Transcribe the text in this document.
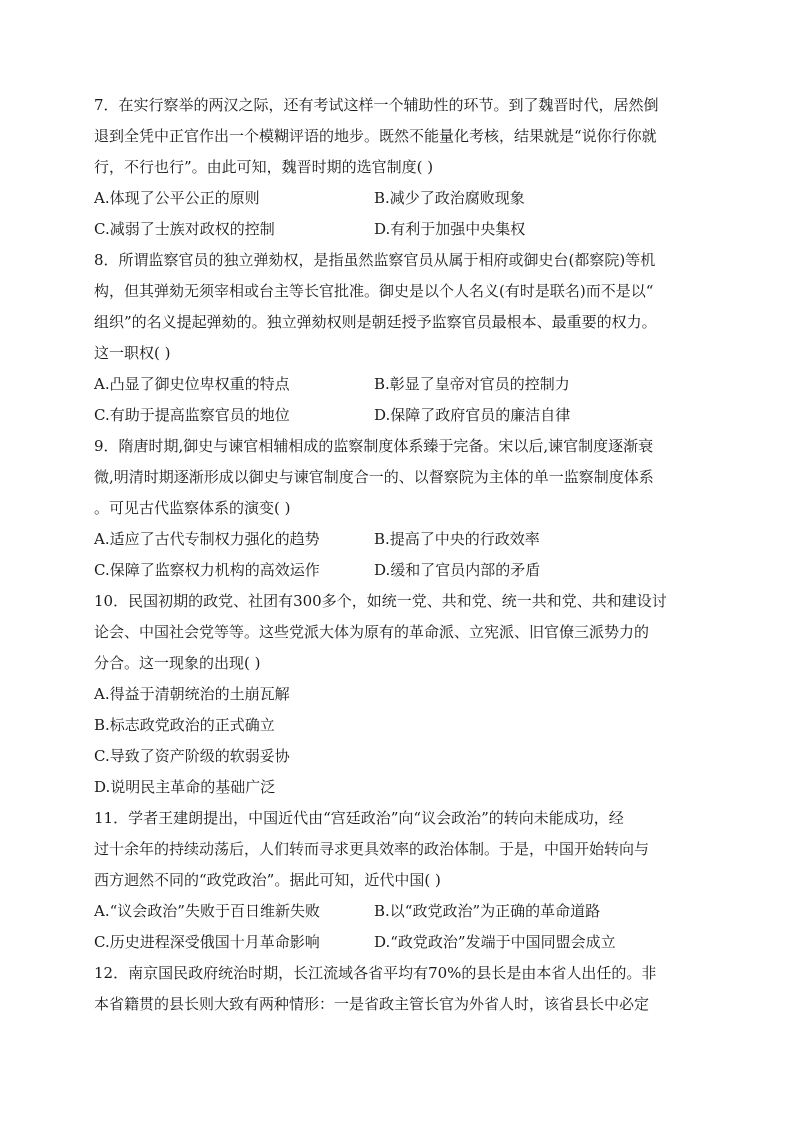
7．在实行察举的两汉之际，还有考试这样一个辅助性的环节。到了魏晋时代，居然倒
退到全凭中正官作出一个模糊评语的地步。既然不能量化考核，结果就是“说你行你就
行，不行也行”。由此可知，魏晋时期的选官制度( )
A.体现了公平公正的原则	B.减少了政治腐败现象
C.减弱了士族对政权的控制	D.有利于加强中央集权
8．所谓监察官员的独立弹劾权，是指虽然监察官员从属于相府或御史台(都察院)等机
构，但其弹劾无须宰相或台主等长官批准。御史是以个人名义(有时是联名)而不是以“
组织”的名义提起弹劾的。独立弹劾权则是朝廷授予监察官员最根本、最重要的权力。
这一职权( )
A.凸显了御史位卑权重的特点	B.彰显了皇帝对官员的控制力
C.有助于提高监察官员的地位	D.保障了政府官员的廉洁自律
9．隋唐时期,御史与谏官相辅相成的监察制度体系臻于完备。宋以后,谏官制度逐渐衰
微,明清时期逐渐形成以御史与谏官制度合一的、以督察院为主体的单一监察制度体系
。可见古代监察体系的演变( )
A.适应了古代专制权力强化的趋势	B.提高了中央的行政效率
C.保障了监察权力机构的高效运作	D.缓和了官员内部的矛盾
10．民国初期的政党、社团有300多个，如统一党、共和党、统一共和党、共和建设讨
论会、中国社会党等等。这些党派大体为原有的革命派、立宪派、旧官僚三派势力的
分合。这一现象的出现( )
A.得益于清朝统治的土崩瓦解
B.标志政党政治的正式确立
C.导致了资产阶级的软弱妥协
D.说明民主革命的基础广泛
11．学者王建朗提出，中国近代由“宫廷政治”向“议会政治”的转向未能成功，经
过十余年的持续动荡后，人们转而寻求更具效率的政治体制。于是，中国开始转向与
西方迥然不同的“政党政治”。据此可知，近代中国( )
A.“议会政治”失败于百日维新失败	B.以“政党政治”为正确的革命道路
C.历史进程深受俄国十月革命影响	D.“政党政治”发端于中国同盟会成立
12．南京国民政府统治时期，长江流域各省平均有70%的县长是由本省人出任的。非
本省籍贯的县长则大致有两种情形：一是省政主管长官为外省人时，该省县长中必定
